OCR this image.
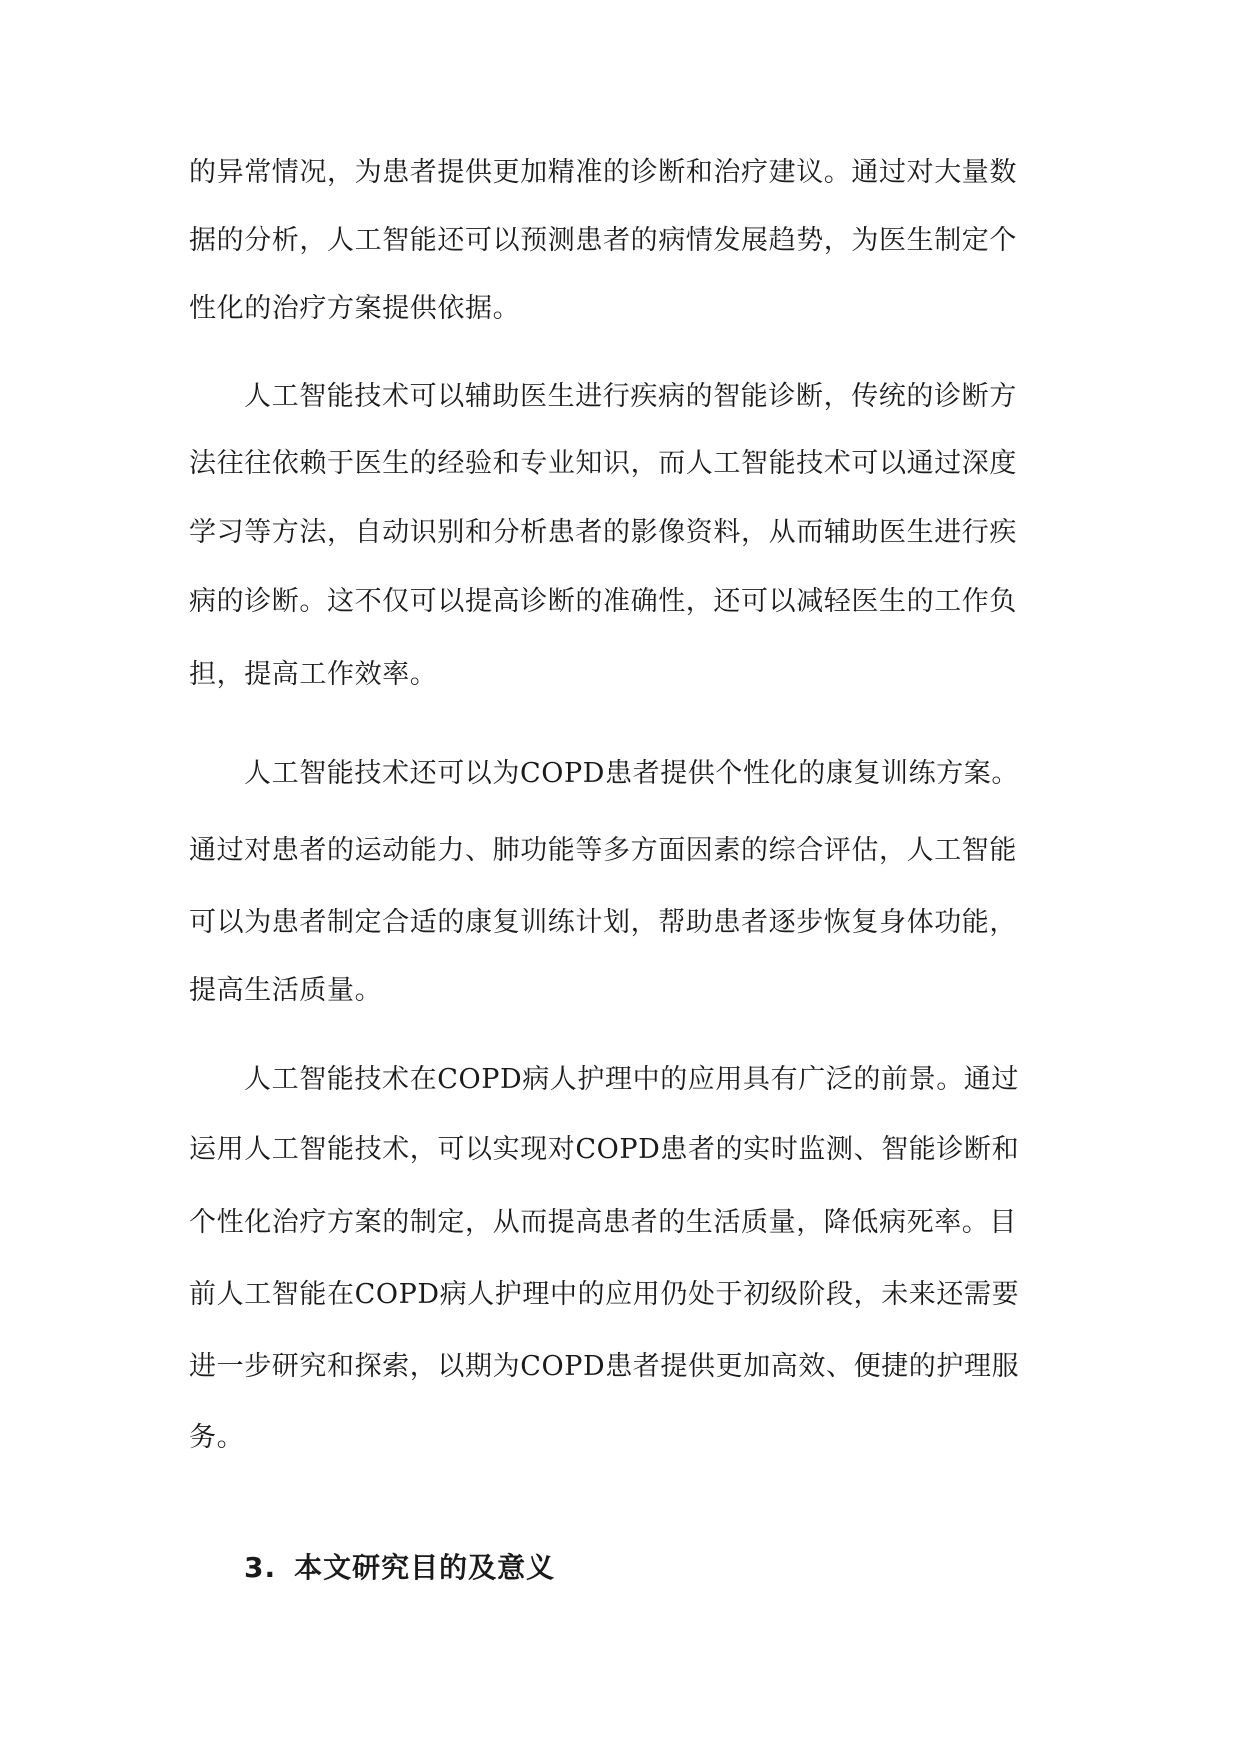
的异常情况，为患者提供更加精准的诊断和治疗建议。通过对大量数
据的分析，人工智能还可以预测患者的病情发展趋势，为医生制定个
性化的治疗方案提供依据。
人工智能技术可以辅助医生进行疾病的智能诊断，传统的诊断方
法往往依赖于医生的经验和专业知识，而人工智能技术可以通过深度
学习等方法，自动识别和分析患者的影像资料，从而辅助医生进行疾
病的诊断。这不仅可以提高诊断的准确性，还可以减轻医生的工作负
担，提高工作效率。
人工智能技术还可以为COPD患者提供个性化的康复训练方案。
通过对患者的运动能力、肺功能等多方面因素的综合评估，人工智能
可以为患者制定合适的康复训练计划，帮助患者逐步恢复身体功能，
提高生活质量。
人工智能技术在COPD病人护理中的应用具有广泛的前景。通过
运用人工智能技术，可以实现对COPD患者的实时监测、智能诊断和
个性化治疗方案的制定，从而提高患者的生活质量，降低病死率。目
前人工智能在COPD病人护理中的应用仍处于初级阶段，未来还需要
进一步研究和探索，以期为COPD患者提供更加高效、便捷的护理服
务。
3. 本文研究目的及意义
